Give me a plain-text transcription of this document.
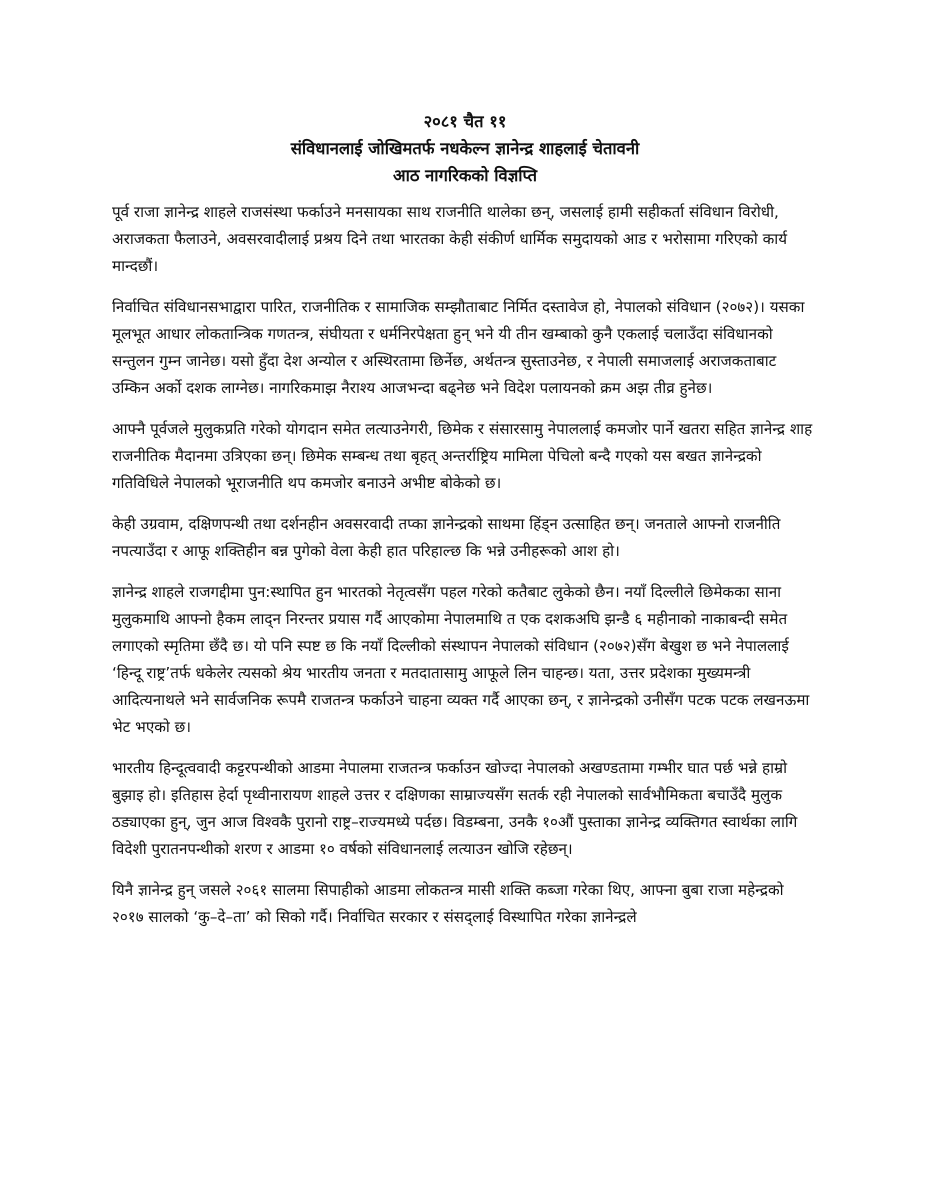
२०८१ चैत ११
संविधानलाई जोखिमतर्फ नधकेल्न ज्ञानेन्द्र शाहलाई चेतावनी
आठ नागरिकको विज्ञप्ति

पूर्व राजा ज्ञानेन्द्र शाहले राजसंस्था फर्काउने मनसायका साथ राजनीति थालेका छन्, जसलाई हामी सहीकर्ता संविधान विरोधी, अराजकता फैलाउने, अवसरवादीलाई प्रश्रय दिने तथा भारतका केही संकीर्ण धार्मिक समुदायको आड र भरोसामा गरिएको कार्य मान्दछौं।

निर्वाचित संविधानसभाद्वारा पारित, राजनीतिक र सामाजिक सम्झौताबाट निर्मित दस्तावेज हो, नेपालको संविधान (२०७२)। यसका मूलभूत आधार लोकतान्त्रिक गणतन्त्र, संघीयता र धर्मनिरपेक्षता हुन् भने यी तीन खम्बाको कुनै एकलाई चलाउँदा संविधानको सन्तुलन गुम्न जानेछ। यसो हुँदा देश अन्योल र अस्थिरतामा छिर्नेछ, अर्थतन्त्र सुस्ताउनेछ, र नेपाली समाजलाई अराजकताबाट उम्किन अर्को दशक लाग्नेछ। नागरिकमाझ नैराश्य आजभन्दा बढ्नेछ भने विदेश पलायनको क्रम अझ तीव्र हुनेछ।

आफ्नै पूर्वजले मुलुकप्रति गरेको योगदान समेत लत्याउनेगरी, छिमेक र संसारसामु नेपाललाई कमजोर पार्ने खतरा सहित ज्ञानेन्द्र शाह राजनीतिक मैदानमा उत्रिएका छन्। छिमेक सम्बन्ध तथा बृहत् अन्तर्राष्ट्रिय मामिला पेचिलो बन्दै गएको यस बखत ज्ञानेन्द्रको गतिविधिले नेपालको भूराजनीति थप कमजोर बनाउने अभीष्ट बोकेको छ।

केही उग्रवाम, दक्षिणपन्थी तथा दर्शनहीन अवसरवादी तप्का ज्ञानेन्द्रको साथमा हिंड्न उत्साहित छन्। जनताले आफ्नो राजनीति नपत्याउँदा र आफू शक्तिहीन बन्न पुगेको वेला केही हात परिहाल्छ कि भन्ने उनीहरूको आश हो।

ज्ञानेन्द्र शाहले राजगद्दीमा पुन:स्थापित हुन भारतको नेतृत्वसँग पहल गरेको कतैबाट लुकेको छैन। नयाँ दिल्लीले छिमेकका साना मुलुकमाथि आफ्नो हैकम लाद्न निरन्तर प्रयास गर्दै आएकोमा नेपालमाथि त एक दशकअघि झन्डै ६ महीनाको नाकाबन्दी समेत लगाएको स्मृतिमा छँदै छ। यो पनि स्पष्ट छ कि नयाँ दिल्लीको संस्थापन नेपालको संविधान (२०७२)सँग बेखुश छ भने नेपाललाई ‘हिन्दू राष्ट्र’तर्फ धकेलेर त्यसको श्रेय भारतीय जनता र मतदातासामु आफूले लिन चाहन्छ। यता, उत्तर प्रदेशका मुख्यमन्त्री आदित्यनाथले भने सार्वजनिक रूपमै राजतन्त्र फर्काउने चाहना व्यक्त गर्दै आएका छन्, र ज्ञानेन्द्रको उनीसँग पटक पटक लखनऊमा भेट भएको छ।

भारतीय हिन्दूत्ववादी कट्टरपन्थीको आडमा नेपालमा राजतन्त्र फर्काउन खोज्दा नेपालको अखण्डतामा गम्भीर घात पर्छ भन्ने हाम्रो बुझाइ हो। इतिहास हेर्दा पृथ्वीनारायण शाहले उत्तर र दक्षिणका साम्राज्यसँग सतर्क रही नेपालको सार्वभौमिकता बचाउँदै मुलुक ठड्याएका हुन्, जुन आज विश्वकै पुरानो राष्ट्र–राज्यमध्ये पर्दछ। विडम्बना, उनकै १०औं पुस्ताका ज्ञानेन्द्र व्यक्तिगत स्वार्थका लागि विदेशी पुरातनपन्थीको शरण र आडमा १० वर्षको संविधानलाई लत्याउन खोजि रहेछन्।

यिनै ज्ञानेन्द्र हुन् जसले २०६१ सालमा सिपाहीको आडमा लोकतन्त्र मासी शक्ति कब्जा गरेका थिए, आफ्ना बुबा राजा महेन्द्रको २०१७ सालको ‘कु–दे–ता’ को सिको गर्दै। निर्वाचित सरकार र संसद्लाई विस्थापित गरेका ज्ञानेन्द्रले
